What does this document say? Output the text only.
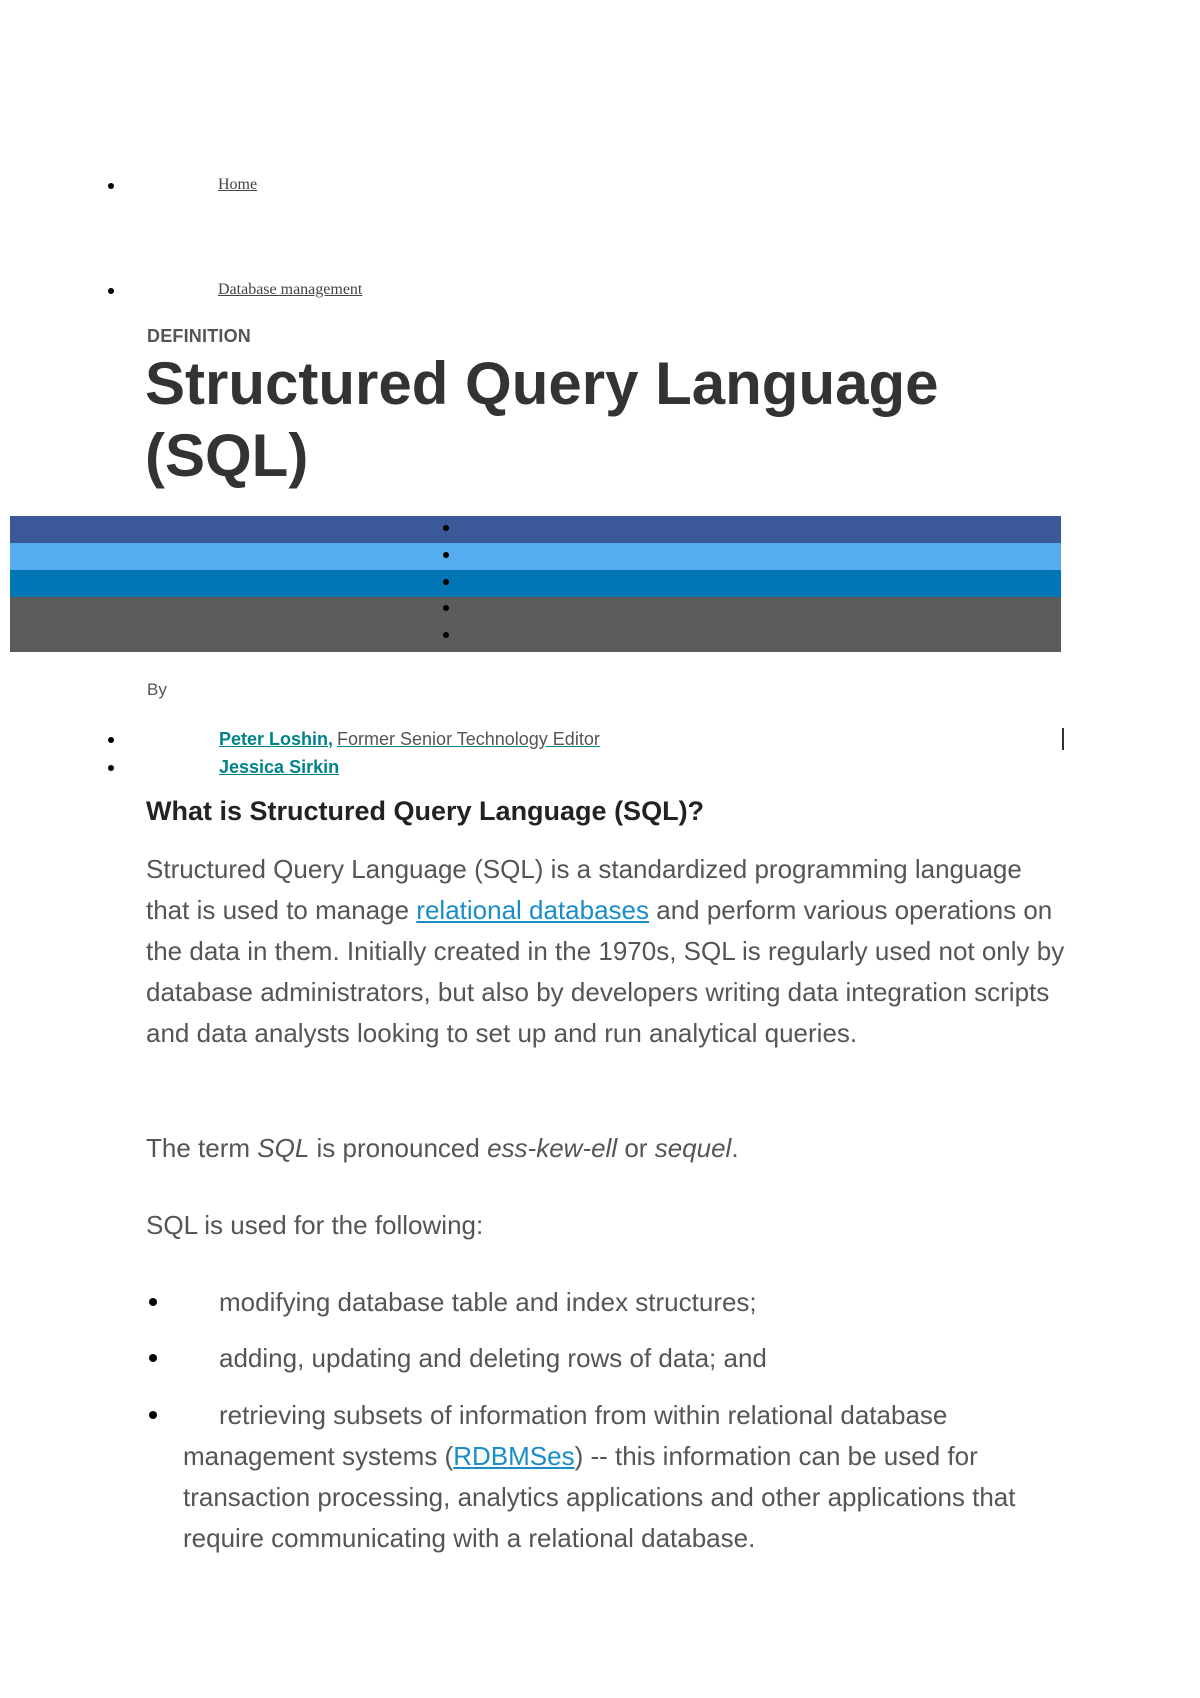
Home
Database management
DEFINITION
Structured Query Language
(SQL)
By
Peter Loshin, Former Senior Technology Editor
Jessica Sirkin
What is Structured Query Language (SQL)?

Structured Query Language (SQL) is a standardized programming language that is used to manage relational databases and perform various operations on the data in them. Initially created in the 1970s, SQL is regularly used not only by database administrators, but also by developers writing data integration scripts and data analysts looking to set up and run analytical queries.

The term SQL is pronounced ess-kew-ell or sequel.

SQL is used for the following:

modifying database table and index structures;
adding, updating and deleting rows of data; and
retrieving subsets of information from within relational database
management systems (RDBMSes) -- this information can be used for
transaction processing, analytics applications and other applications that
require communicating with a relational database.
